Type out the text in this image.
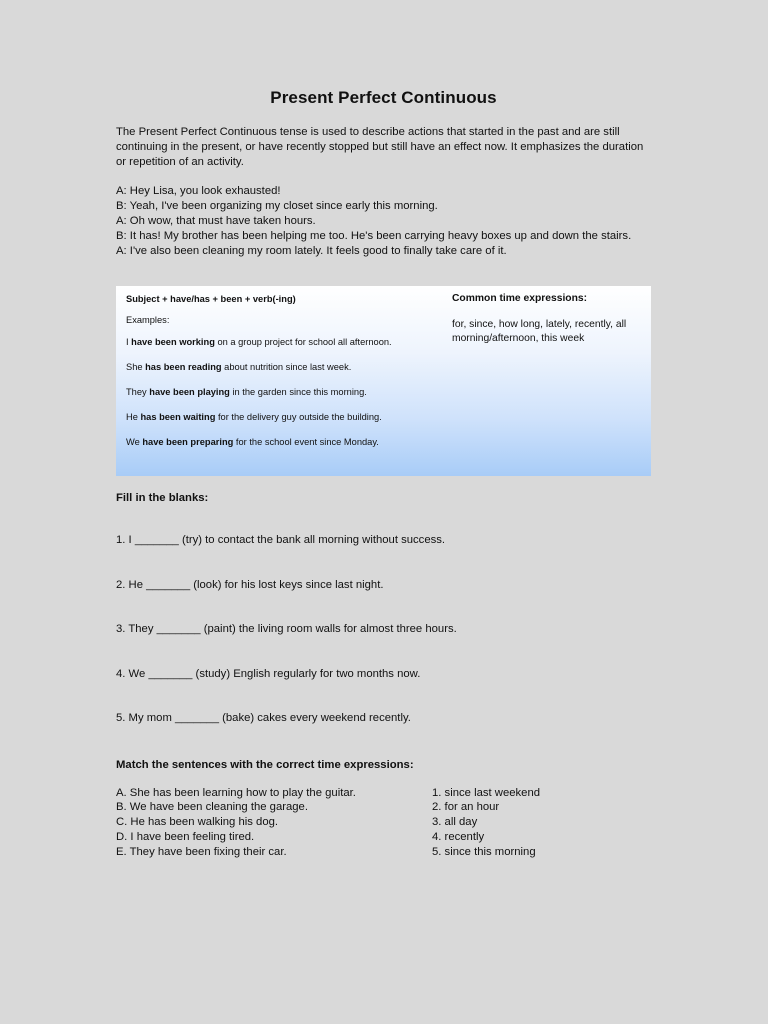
Present Perfect Continuous

The Present Perfect Continuous tense is used to describe actions that started in the past and are still continuing in the present, or have recently stopped but still have an effect now. It emphasizes the duration or repetition of an activity.

A: Hey Lisa, you look exhausted!
B: Yeah, I've been organizing my closet since early this morning.
A: Oh wow, that must have taken hours.
B: It has! My brother has been helping me too. He's been carrying heavy boxes up and down the stairs.
A: I've also been cleaning my room lately. It feels good to finally take care of it.
Subject + have/has + been + verb(-ing)
Examples:
I have been working on a group project for school all afternoon.
She has been reading about nutrition since last week.
They have been playing in the garden since this morning.
He has been waiting for the delivery guy outside the building.
We have been preparing for the school event since Monday.
Common time expressions:
for, since, how long, lately, recently, all morning/afternoon, this week
Fill in the blanks:
1. I _______ (try) to contact the bank all morning without success.
2. He _______ (look) for his lost keys since last night.
3. They _______ (paint) the living room walls for almost three hours.
4. We _______ (study) English regularly for two months now.
5. My mom _______ (bake) cakes every weekend recently.
Match the sentences with the correct time expressions:
A. She has been learning how to play the guitar.
B. We have been cleaning the garage.
C. He has been walking his dog.
D. I have been feeling tired.
E. They have been fixing their car.
1. since last weekend
2. for an hour
3. all day
4. recently
5. since this morning
